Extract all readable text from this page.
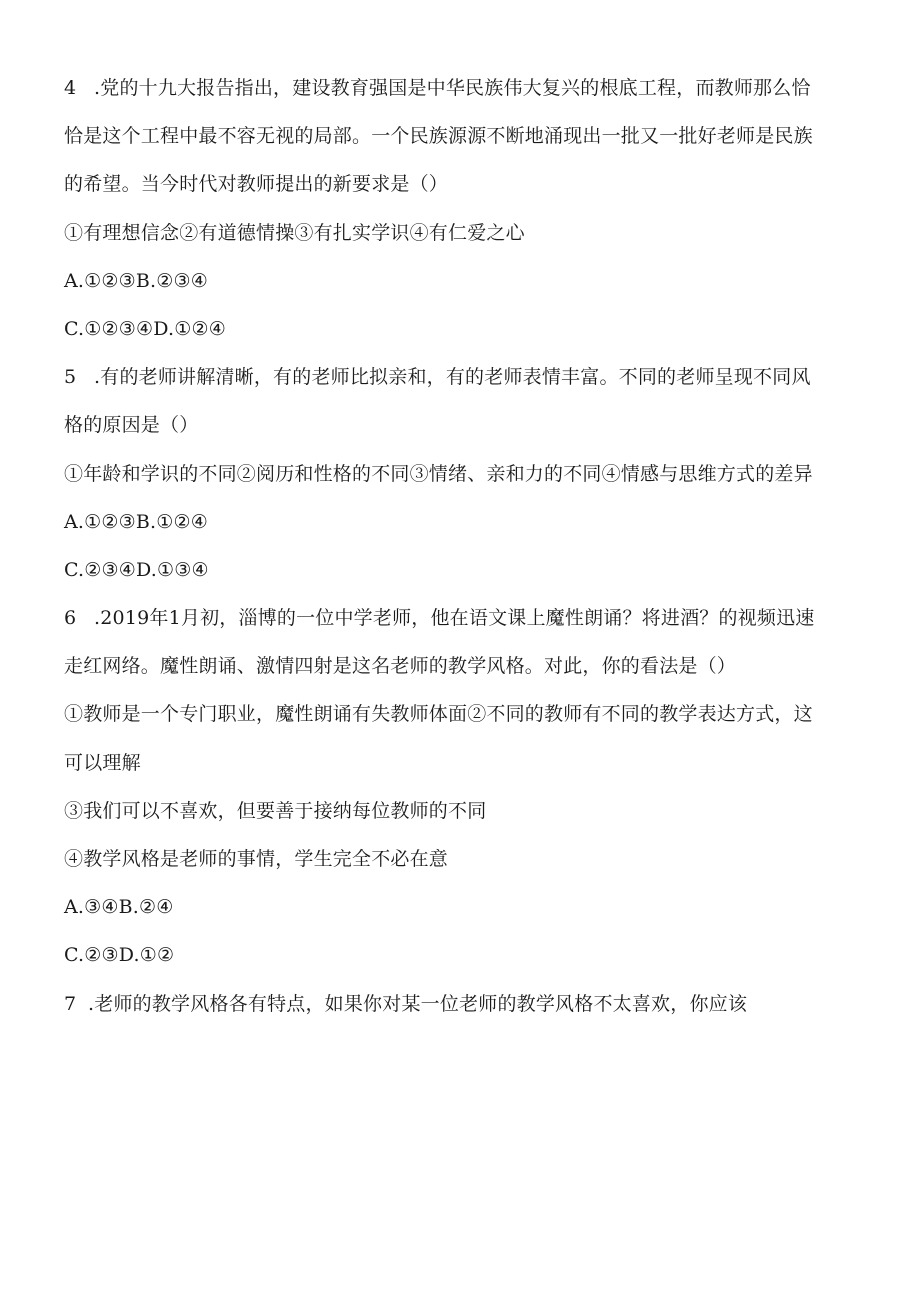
4 .党的十九大报告指出，建设教育强国是中华民族伟大复兴的根底工程，而教师那么恰
恰是这个工程中最不容无视的局部。一个民族源源不断地涌现出一批又一批好老师是民族
的希望。当今时代对教师提出的新要求是（）
①有理想信念②有道德情操③有扎实学识④有仁爱之心
A.①②③B.②③④
C.①②③④D.①②④
5 .有的老师讲解清晰，有的老师比拟亲和，有的老师表情丰富。不同的老师呈现不同风
格的原因是（）
①年龄和学识的不同②阅历和性格的不同③情绪、亲和力的不同④情感与思维方式的差异
A.①②③B.①②④
C.②③④D.①③④
6 .2019年1月初，淄博的一位中学老师，他在语文课上魔性朗诵？将进酒？的视频迅速
走红网络。魔性朗诵、激情四射是这名老师的教学风格。对此，你的看法是（）
①教师是一个专门职业，魔性朗诵有失教师体面②不同的教师有不同的教学表达方式，这
可以理解
③我们可以不喜欢，但要善于接纳每位教师的不同
④教学风格是老师的事情，学生完全不必在意
A.③④B.②④
C.②③D.①②
7 .老师的教学风格各有特点，如果你对某一位老师的教学风格不太喜欢，你应该
